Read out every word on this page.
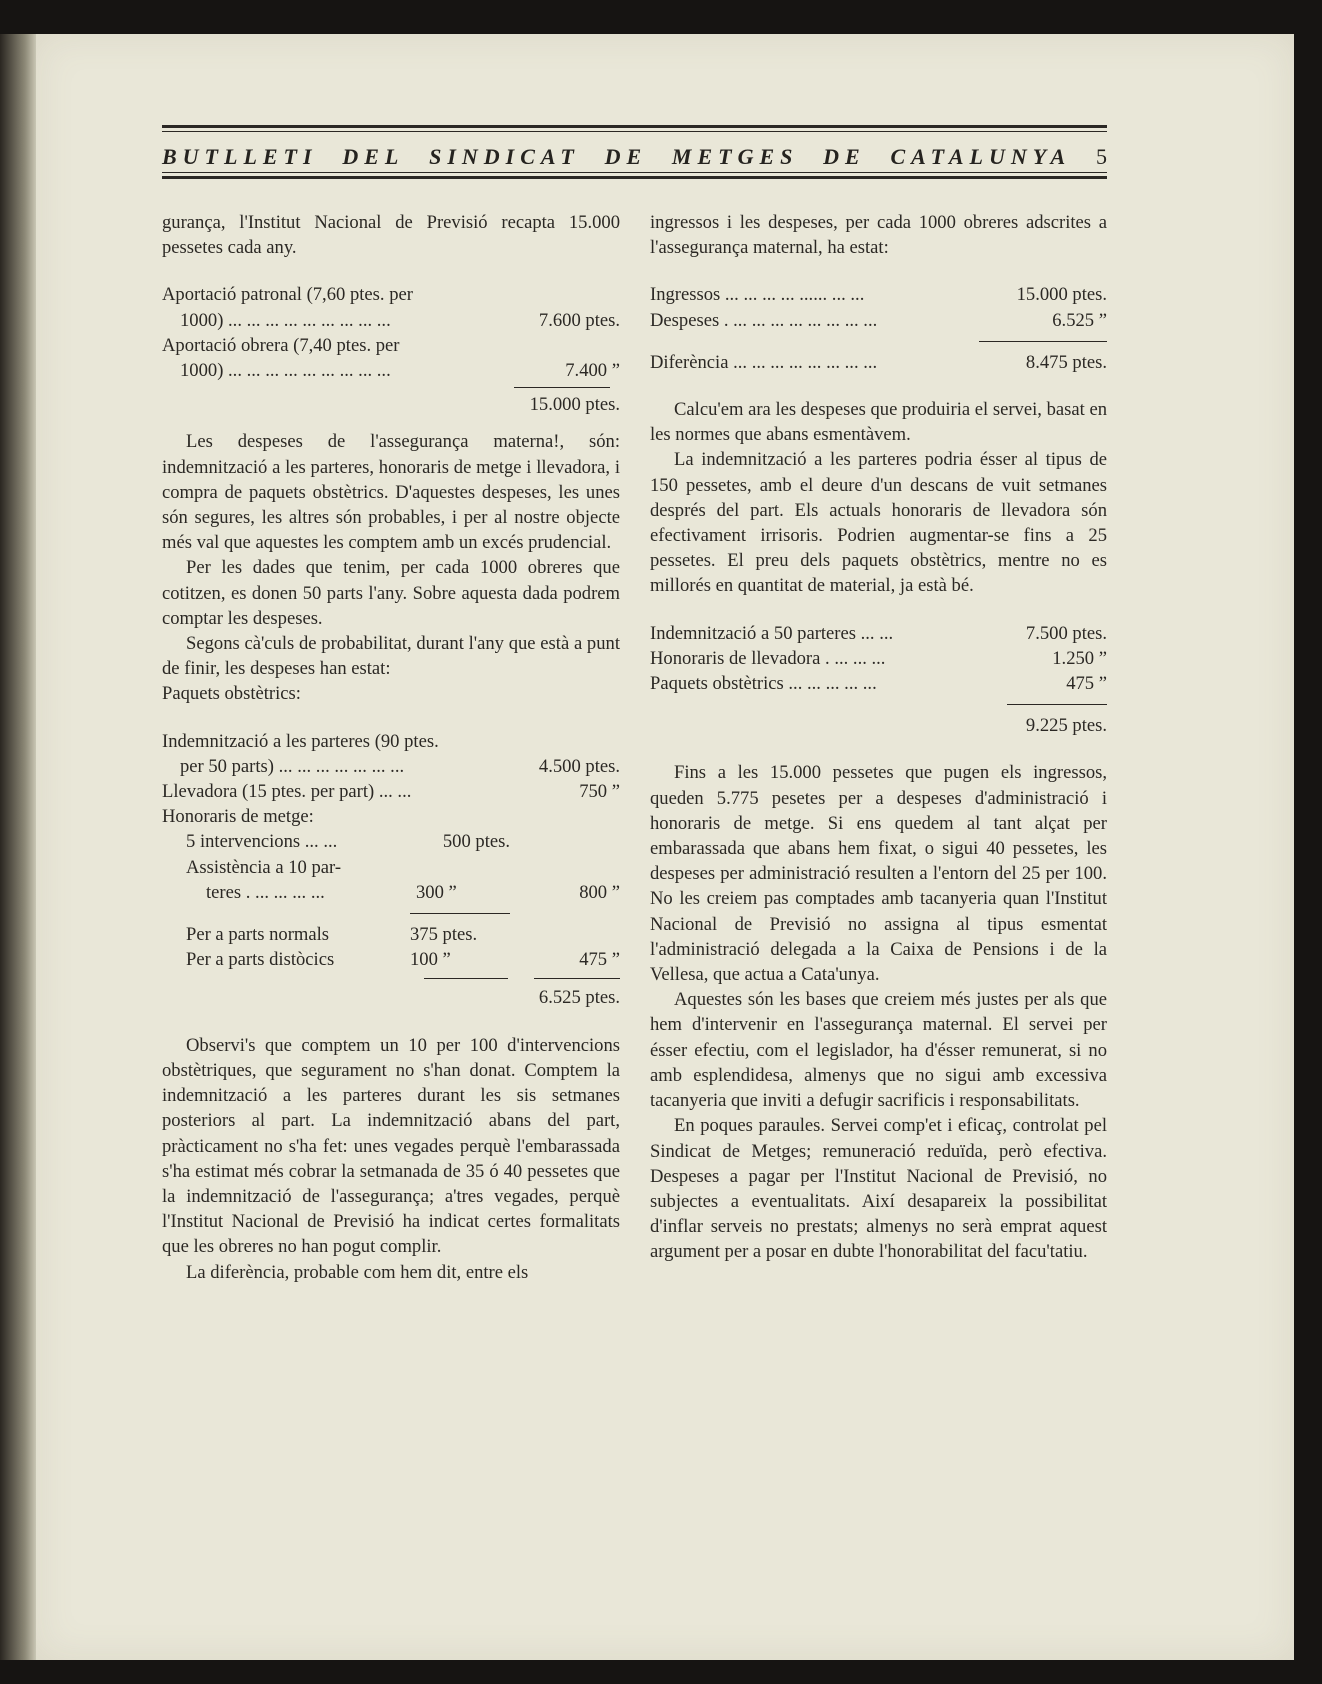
BUTLLETI DEL SINDICAT DE METGES DE CATALUNYA 5

gurança, l'Institut Nacional de Previsió recapta 15.000 pessetes cada any.

Aportació patronal (7,60 ptes. per
1000) ... ... ... ... ... ... ... ... ...	7.600 ptes.
Aportació obrera (7,40 ptes. per
1000) ... ... ... ... ... ... ... ... ...	7.400 ”
15.000 ptes.

Les despeses de l'assegurança materna!, són: indemnització a les parteres, honoraris de metge i llevadora, i compra de paquets obstètrics. D'aquestes despeses, les unes són segures, les altres són probables, i per al nostre objecte més val que aquestes les comptem amb un excés prudencial.

Per les dades que tenim, per cada 1000 obreres que cotitzen, es donen 50 parts l'any. Sobre aquesta dada podrem comptar les despeses.

Segons cà'culs de probabilitat, durant l'any que està a punt de finir, les despeses han estat:

Paquets obstètrics:

Indemnització a les parteres (90 ptes.
per 50 parts) ... ... ... ... ... ... ...	4.500 ptes.
Llevadora (15 ptes. per part) ... ...	750 ”
Honoraris de metge:
5 intervencions ... ...	500 ptes.
Assistència a 10 par-
teres . ... ... ... ...	300 ”	800 ”
Per a parts normals	375 ptes.
Per a parts distòcics	100 ”	475 ”
6.525 ptes.

Observi's que comptem un 10 per 100 d'intervencions obstètriques, que segurament no s'han donat. Comptem la indemnització a les parteres durant les sis setmanes posteriors al part. La indemnització abans del part, pràcticament no s'ha fet: unes vegades perquè l'embarassada s'ha estimat més cobrar la setmanada de 35 ó 40 pessetes que la indemnització de l'assegurança; a'tres vegades, perquè l'Institut Nacional de Previsió ha indicat certes formalitats que les obreres no han pogut complir.

La diferència, probable com hem dit, entre els

ingressos i les despeses, per cada 1000 obreres adscrites a l'assegurança maternal, ha estat:

Ingressos ... ... ... ... ...... ... ...	15.000 ptes.
Despeses . ... ... ... ... ... ... ... ...	6.525 ”
Diferència ... ... ... ... ... ... ... ...	8.475 ptes.

Calcu'em ara les despeses que produiria el servei, basat en les normes que abans esmentàvem.

La indemnització a les parteres podria ésser al tipus de 150 pessetes, amb el deure d'un descans de vuit setmanes després del part. Els actuals honoraris de llevadora són efectivament irrisoris. Podrien augmentar-se fins a 25 pessetes. El preu dels paquets obstètrics, mentre no es millorés en quantitat de material, ja està bé.

Indemnització a 50 parteres ... ...	7.500 ptes.
Honoraris de llevadora . ... ... ...	1.250 ”
Paquets obstètrics ... ... ... ... ...	475 ”
9.225 ptes.

Fins a les 15.000 pessetes que pugen els ingressos, queden 5.775 pesetes per a despeses d'administració i honoraris de metge. Si ens quedem al tant alçat per embarassada que abans hem fixat, o sigui 40 pessetes, les despeses per administració resulten a l'entorn del 25 per 100. No les creiem pas comptades amb tacanyeria quan l'Institut Nacional de Previsió no assigna al tipus esmentat l'administració delegada a la Caixa de Pensions i de la Vellesa, que actua a Cata'unya.

Aquestes són les bases que creiem més justes per als que hem d'intervenir en l'assegurança maternal. El servei per ésser efectiu, com el legislador, ha d'ésser remunerat, si no amb esplendidesa, almenys que no sigui amb excessiva tacanyeria que inviti a defugir sacrificis i responsabilitats.

En poques paraules. Servei comp'et i eficaç, controlat pel Sindicat de Metges; remuneració reduïda, però efectiva. Despeses a pagar per l'Institut Nacional de Previsió, no subjectes a eventualitats. Així desapareix la possibilitat d'inflar serveis no prestats; almenys no serà emprat aquest argument per a posar en dubte l'honorabilitat del facu'tatiu.
